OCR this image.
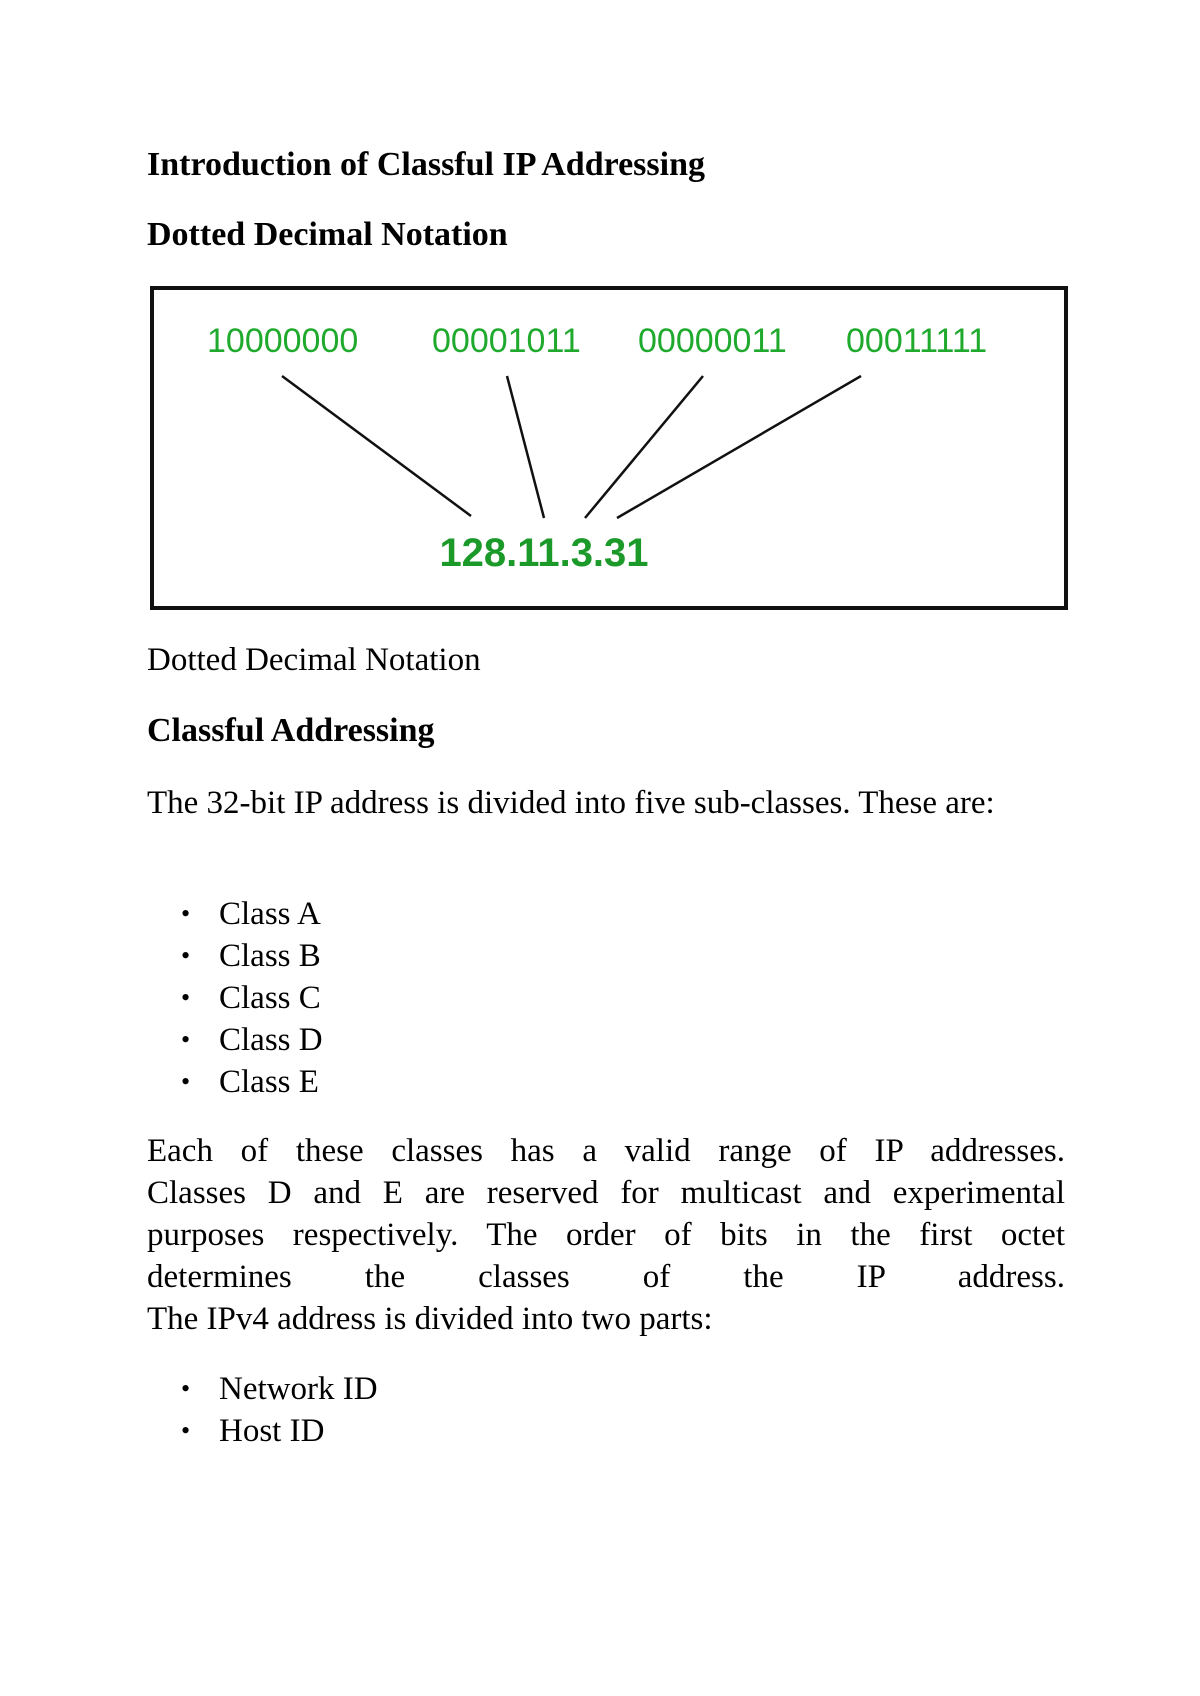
Introduction of Classful IP Addressing
Dotted Decimal Notation
10000000 00001011 00000011 00011111
128.11.3.31

Dotted Decimal Notation

Classful Addressing

The 32-bit IP address is divided into five sub-classes. These are:

• Class A
• Class B
• Class C
• Class D
• Class E

Each of these classes has a valid range of IP addresses.
Classes D and E are reserved for multicast and experimental
purposes respectively. The order of bits in the first octet
determines the classes of the IP address.
The IPv4 address is divided into two parts:

• Network ID
• Host ID
